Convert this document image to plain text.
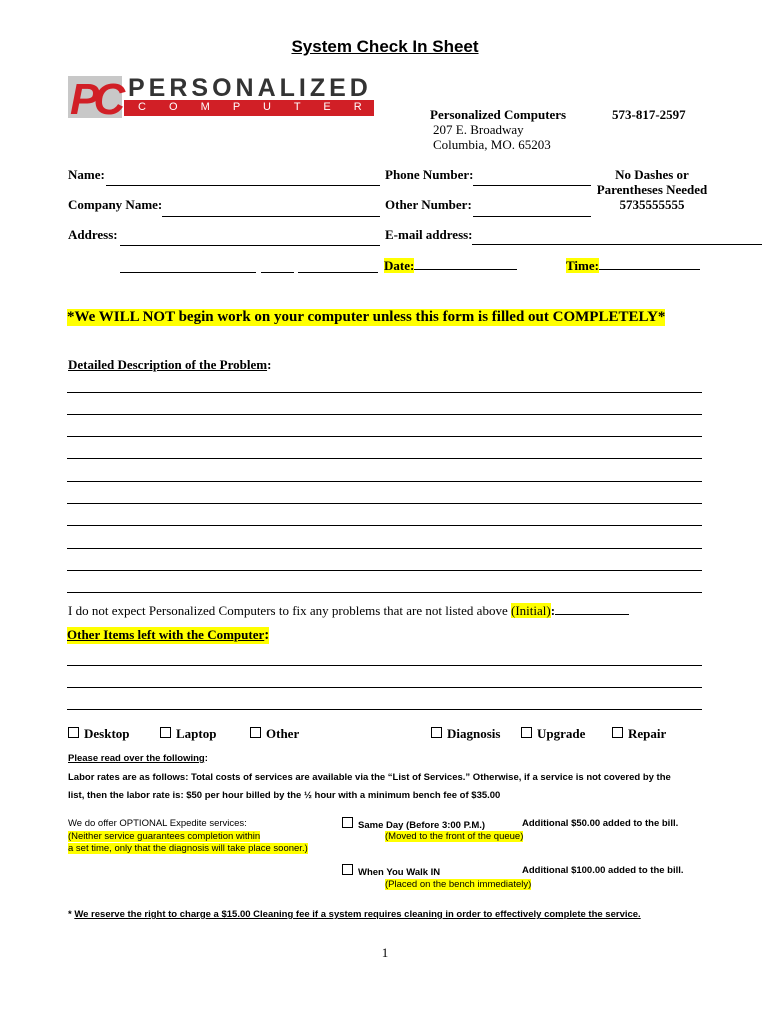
System Check In Sheet
PC PERSONALIZED
C O M P U T E R S Personalized Computers	573-817-2597
207 E. Broadway
Columbia, MO. 65203
Name:
Company Name:
Address:
Phone Number:
Other Number:
E-mail address:
Date:	Time:
No Dashes or
Parentheses Needed
5735555555
*We WILL NOT begin work on your computer unless this form is filled out COMPLETELY*
Detailed Description of the Problem:
I do not expect Personalized Computers to fix any problems that are not listed above (Initial):
Other Items left with the Computer:
Desktop	Laptop	Other	Diagnosis	Upgrade	Repair
Please read over the following:
Labor rates are as follows: Total costs of services are available via the “List of Services.” Otherwise, if a service is not covered by the
list, then the labor rate is: $50 per hour billed by the ½ hour with a minimum bench fee of $35.00
We do offer OPTIONAL Expedite services:
(Neither service guarantees completion within
a set time, only that the diagnosis will take place sooner.)
Same Day (Before 3:00 P.M.)	Additional $50.00 added to the bill.
(Moved to the front of the queue)
When You Walk IN	Additional $100.00 added to the bill.
(Placed on the bench immediately)
* We reserve the right to charge a $15.00 Cleaning fee if a system requires cleaning in order to effectively complete the service.
1
